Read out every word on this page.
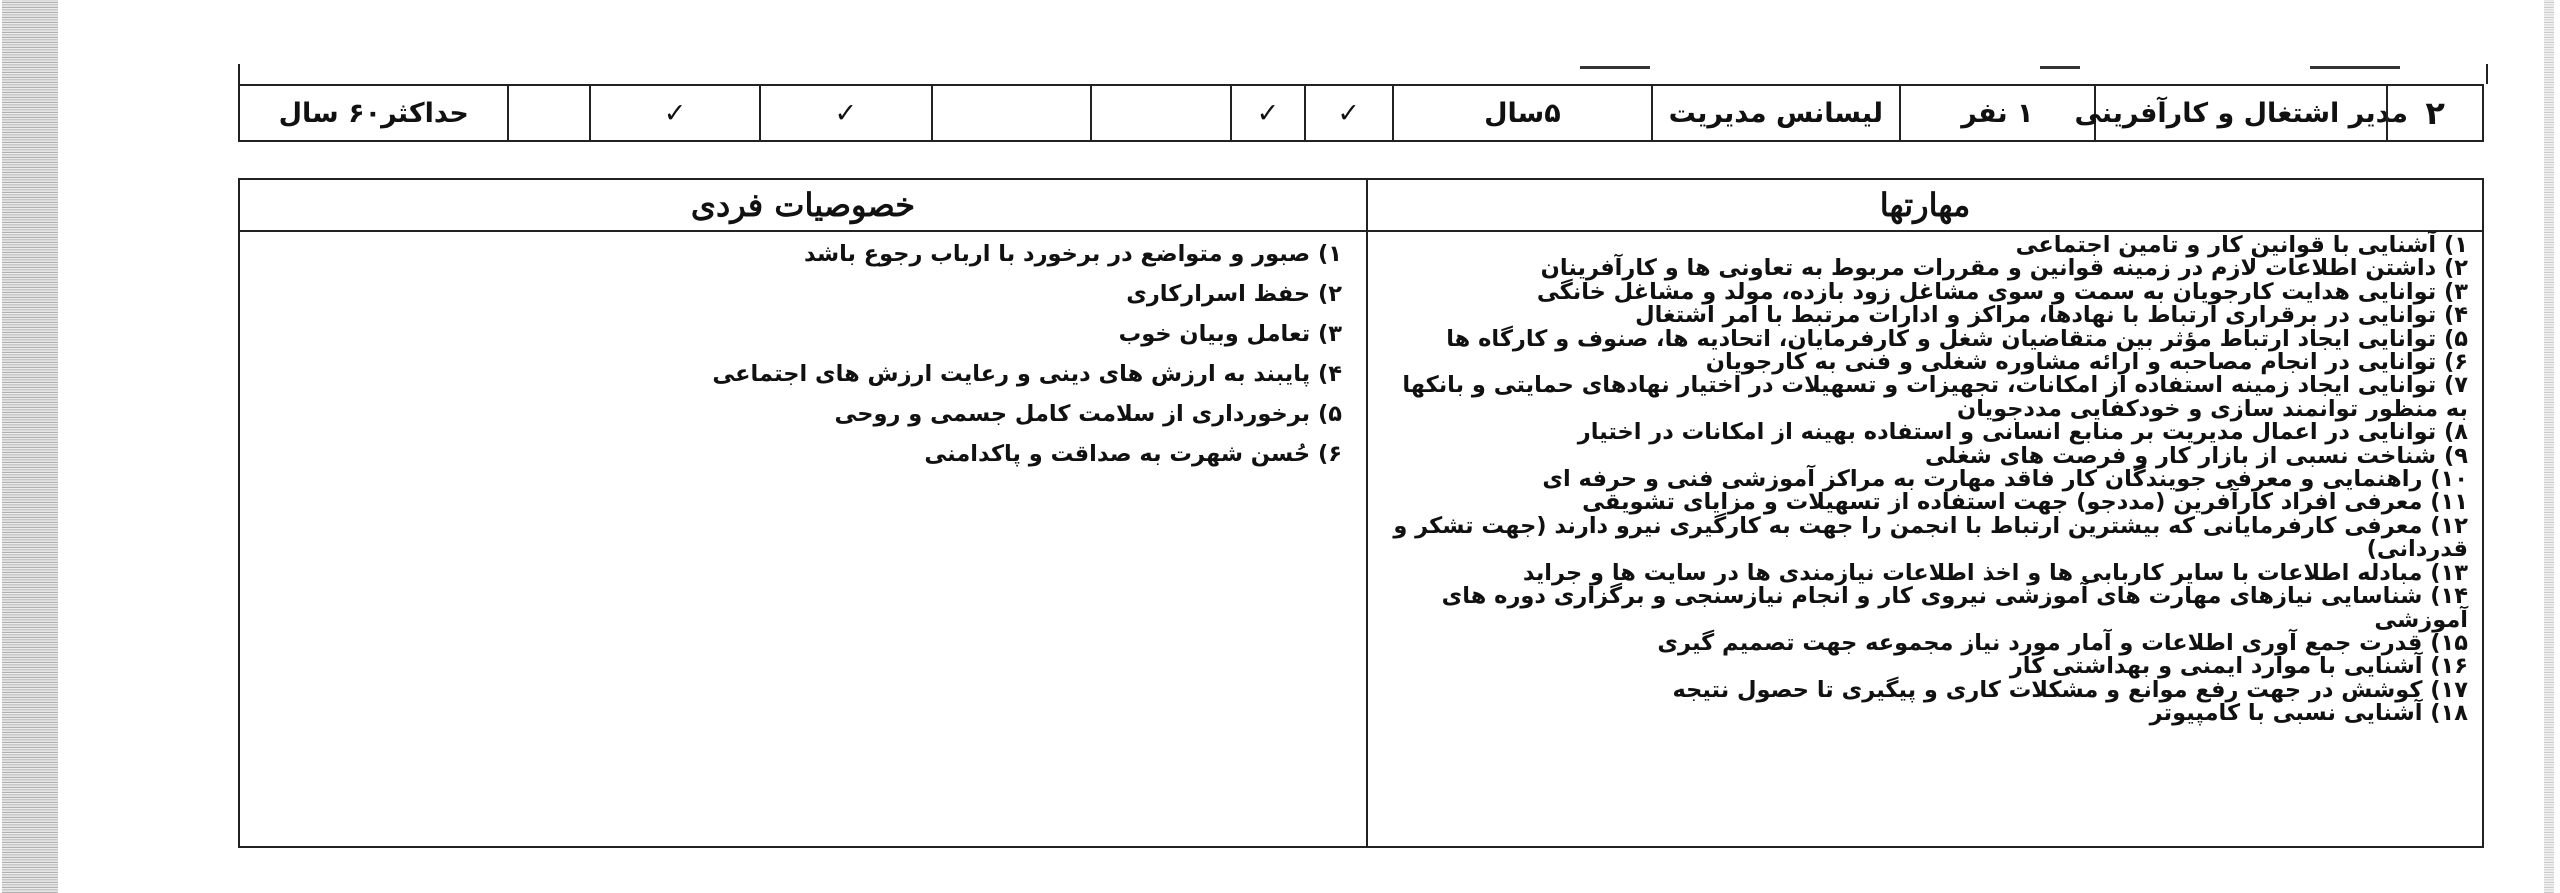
۲
مدیر اشتغال و کارآفرینی
۱ نفر
لیسانس مدیریت
۵سال
✓
✓
✓
✓
حداکثر۶۰ سال
خصوصیات فردی	مهارتها
۱) آشنایی با قوانین کار و تامین اجتماعی
۲) داشتن اطلاعات لازم در زمینه قوانین و مقررات مربوط به تعاونی ها و کارآفرینان
۳) توانایی هدایت کارجویان به سمت و سوی مشاغل زود بازده، مولد و مشاغل خانگی
۴) توانایی در برقراری ارتباط با نهادها، مراکز و ادارات مرتبط با امر اشتغال
۵) توانایی ایجاد ارتباط مؤثر بین متقاضیان شغل و کارفرمایان، اتحادیه ها، صنوف و کارگاه ها
۶) توانایی در انجام مصاحبه و ارائه مشاوره شغلی و فنی به کارجویان
۷) توانایی ایجاد زمینه استفاده از امکانات، تجهیزات و تسهیلات در اختیار نهادهای حمایتی و بانکها به منظور توانمند سازی و خودکفایی مددجویان
۸) توانایی در اعمال مدیریت بر منابع انسانی و استفاده بهینه از امکانات در اختیار
۹) شناخت نسبی از بازار کار و فرصت های شغلی
۱۰) راهنمایی و معرفی جویندگان کار فاقد مهارت به مراکز آموزشی فنی و حرفه ای
۱۱) معرفی افراد کارآفرین (مددجو) جهت استفاده از تسهیلات و مزایای تشویقی
۱۲) معرفی کارفرمایانی که بیشترین ارتباط با انجمن را جهت به کارگیری نیرو دارند (جهت تشکر و قدردانی)
۱۳) مبادله اطلاعات با سایر کاربابی ها و اخذ اطلاعات نیازمندی ها در سایت ها و جراید
۱۴) شناسایی نیازهای مهارت های آموزشی نیروی کار و انجام نیازسنجی و برگزاری دوره های آموزشی
۱۵) قدرت جمع آوری اطلاعات و آمار مورد نیاز مجموعه جهت تصمیم گیری
۱۶) آشنایی با موارد ایمنی و بهداشتی کار
۱۷) کوشش در جهت رفع موانع و مشکلات کاری و پیگیری تا حصول نتیجه
۱۸) آشنایی نسبی با کامپیوتر
۱) صبور و متواضع در برخورد با ارباب رجوع باشد
۲) حفظ اسرارکاری
۳) تعامل وبیان خوب
۴) پایبند به ارزش های دینی و رعایت ارزش های اجتماعی
۵) برخورداری از سلامت کامل جسمی و روحی
۶) حُسن شهرت به صداقت و پاکدامنی
